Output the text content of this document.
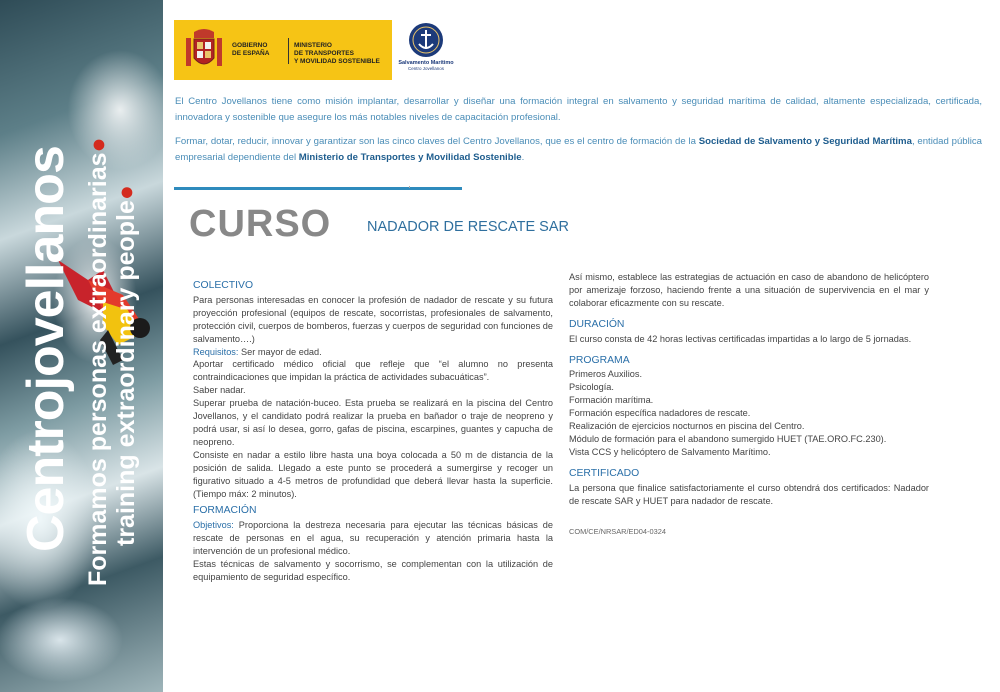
Centrojovellanos Formamos personas extraordinarias●
training extraordinary people●
GOBIERNO
DE ESPAÑA
MINISTERIO
DE TRANSPORTES
Y MOVILIDAD SOSTENIBLE	Salvamento Marítimo
Centro Jovellanos

El Centro Jovellanos tiene como misión implantar, desarrollar y diseñar una formación integral en salvamento y seguridad marítima de calidad, altamente especializada, certificada, innovadora y sostenible que asegure los más notables niveles de capacitación profesional.

Formar, dotar, reducir, innovar y garantizar son las cinco claves del Centro Jovellanos, que es el centro de formación de la Sociedad de Salvamento y Seguridad Marítima, entidad pública empresarial dependiente del Ministerio de Transportes y Movilidad Sostenible.

CURSO NADADOR DE RESCATE SAR
COLECTIVO
Para personas interesadas en conocer la profesión de nadador de rescate y su futura proyección profesional (equipos de rescate, socorristas, profesionales de salvamento, protección civil, cuerpos de bomberos, fuerzas y cuerpos de seguridad con funciones de salvamento….)
Requisitos: Ser mayor de edad.
Aportar certificado médico oficial que refleje que “el alumno no presenta contraindicaciones que impidan la práctica de actividades subacuáticas”.
Saber nadar.
Superar prueba de natación-buceo. Esta prueba se realizará en la piscina del Centro Jovellanos, y el candidato podrá realizar la prueba en bañador o traje de neopreno y podrá usar, si así lo desea, gorro, gafas de piscina, escarpines, guantes y capucha de neopreno.
Consiste en nadar a estilo libre hasta una boya colocada a 50 m de distancia de la posición de salida. Llegado a este punto se procederá a sumergirse y recoger un figurativo situado a 4-5 metros de profundidad que deberá llevar hasta la superficie. (Tiempo máx: 2 minutos).
FORMACIÓN
Objetivos: Proporciona la destreza necesaria para ejecutar las técnicas básicas de rescate de personas en el agua, su recuperación y atención primaria hasta la intervención de un profesional médico.
Estas técnicas de salvamento y socorrismo, se complementan con la utilización de equipamiento de seguridad específico.
Así mismo, establece las estrategias de actuación en caso de abandono de helicóptero por amerizaje forzoso, haciendo frente a una situación de supervivencia en el mar y colaborar eficazmente con su rescate.
DURACIÓN
El curso consta de 42 horas lectivas certificadas impartidas a lo largo de 5 jornadas.
PROGRAMA
Primeros Auxilios.
Psicología.
Formación marítima.
Formación específica nadadores de rescate.
Realización de ejercicios nocturnos en piscina del Centro.
Módulo de formación para el abandono sumergido HUET (TAE.ORO.FC.230).
Vista CCS y helicóptero de Salvamento Marítimo.
CERTIFICADO
La persona que finalice satisfactoriamente el curso obtendrá dos certificados: Nadador de rescate SAR y HUET para nadador de rescate.
COM/CE/NRSAR/ED04-0324
